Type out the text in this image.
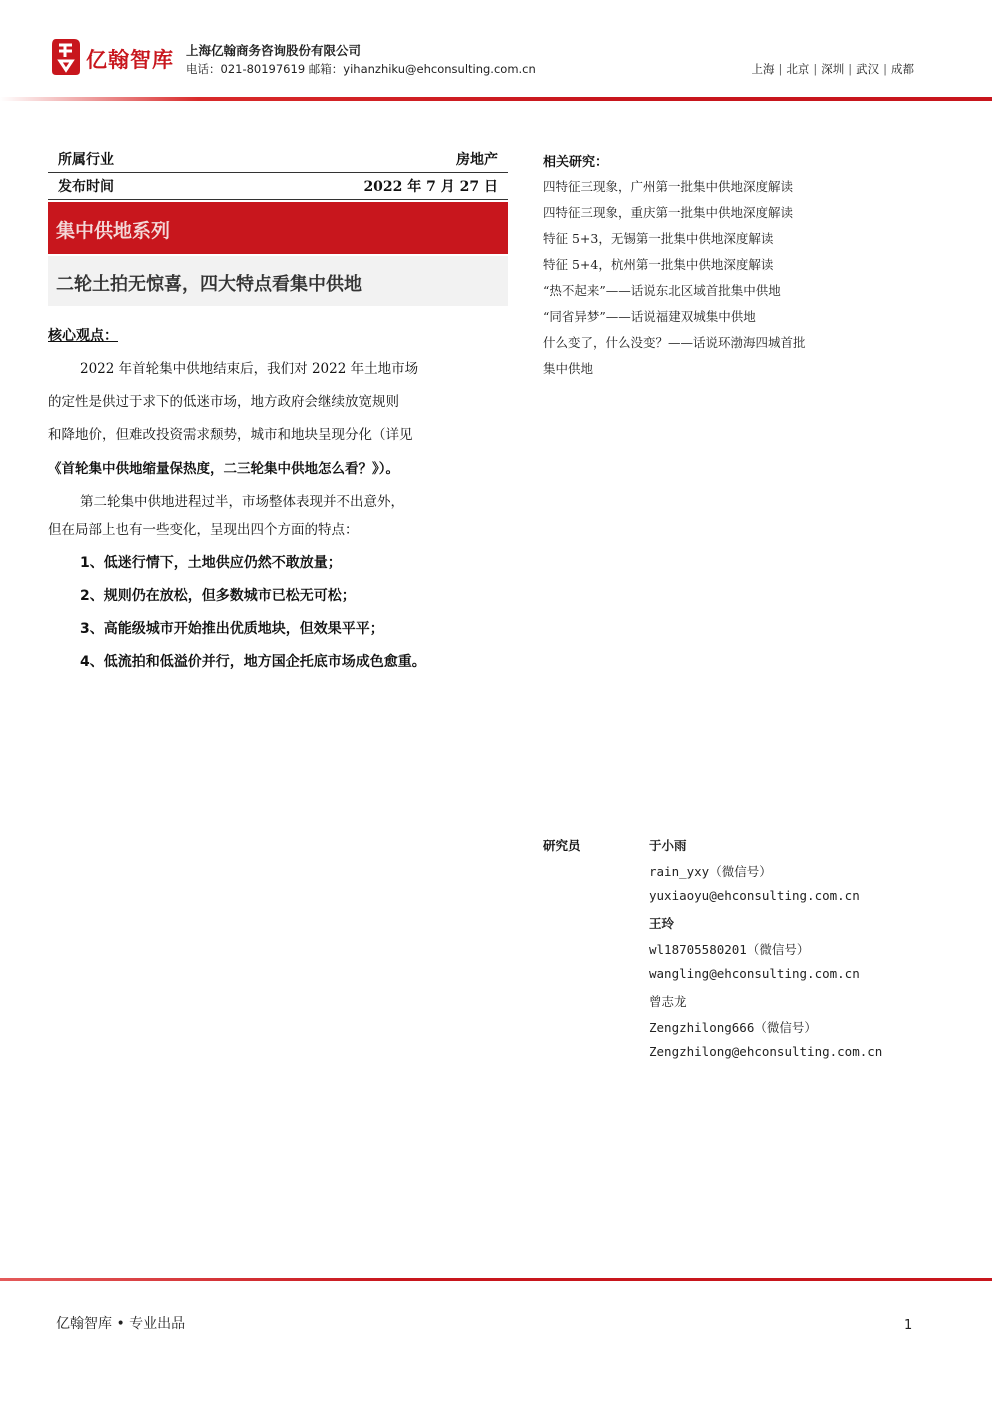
亿翰智库 上海亿翰商务咨询股份有限公司
电话：021-80197619 邮箱：yihanzhiku@ehconsulting.com.cn	上海 | 北京 | 深圳 | 武汉 | 成都
所属行业	房地产
发布时间	2022 年 7 月 27 日
集中供地系列
二轮土拍无惊喜，四大特点看集中供地
核心观点：
2022 年首轮集中供地结束后，我们对 2022 年土地市场
的定性是供过于求下的低迷市场，地方政府会继续放宽规则
和降地价，但难改投资需求颓势，城市和地块呈现分化（详见
《首轮集中供地缩量保热度，二三轮集中供地怎么看？》）。
第二轮集中供地进程过半，市场整体表现并不出意外，
但在局部上也有一些变化，呈现出四个方面的特点：
1、低迷行情下，土地供应仍然不敢放量；
2、规则仍在放松，但多数城市已松无可松；
3、高能级城市开始推出优质地块，但效果平平；
4、低流拍和低溢价并行，地方国企托底市场成色愈重。
相关研究：
四特征三现象，广州第一批集中供地深度解读
四特征三现象，重庆第一批集中供地深度解读
特征 5+3，无锡第一批集中供地深度解读
特征 5+4，杭州第一批集中供地深度解读
“热不起来”——话说东北区域首批集中供地
“同省异梦”——话说福建双城集中供地
什么变了，什么没变？——话说环渤海四城首批
集中供地
研究员	于小雨
rain_yxy（微信号）
yuxiaoyu@ehconsulting.com.cn
王玲
wl18705580201（微信号）
wangling@ehconsulting.com.cn
曾志龙
Zengzhilong666（微信号）
Zengzhilong@ehconsulting.com.cn
亿翰智库 • 专业出品	1
